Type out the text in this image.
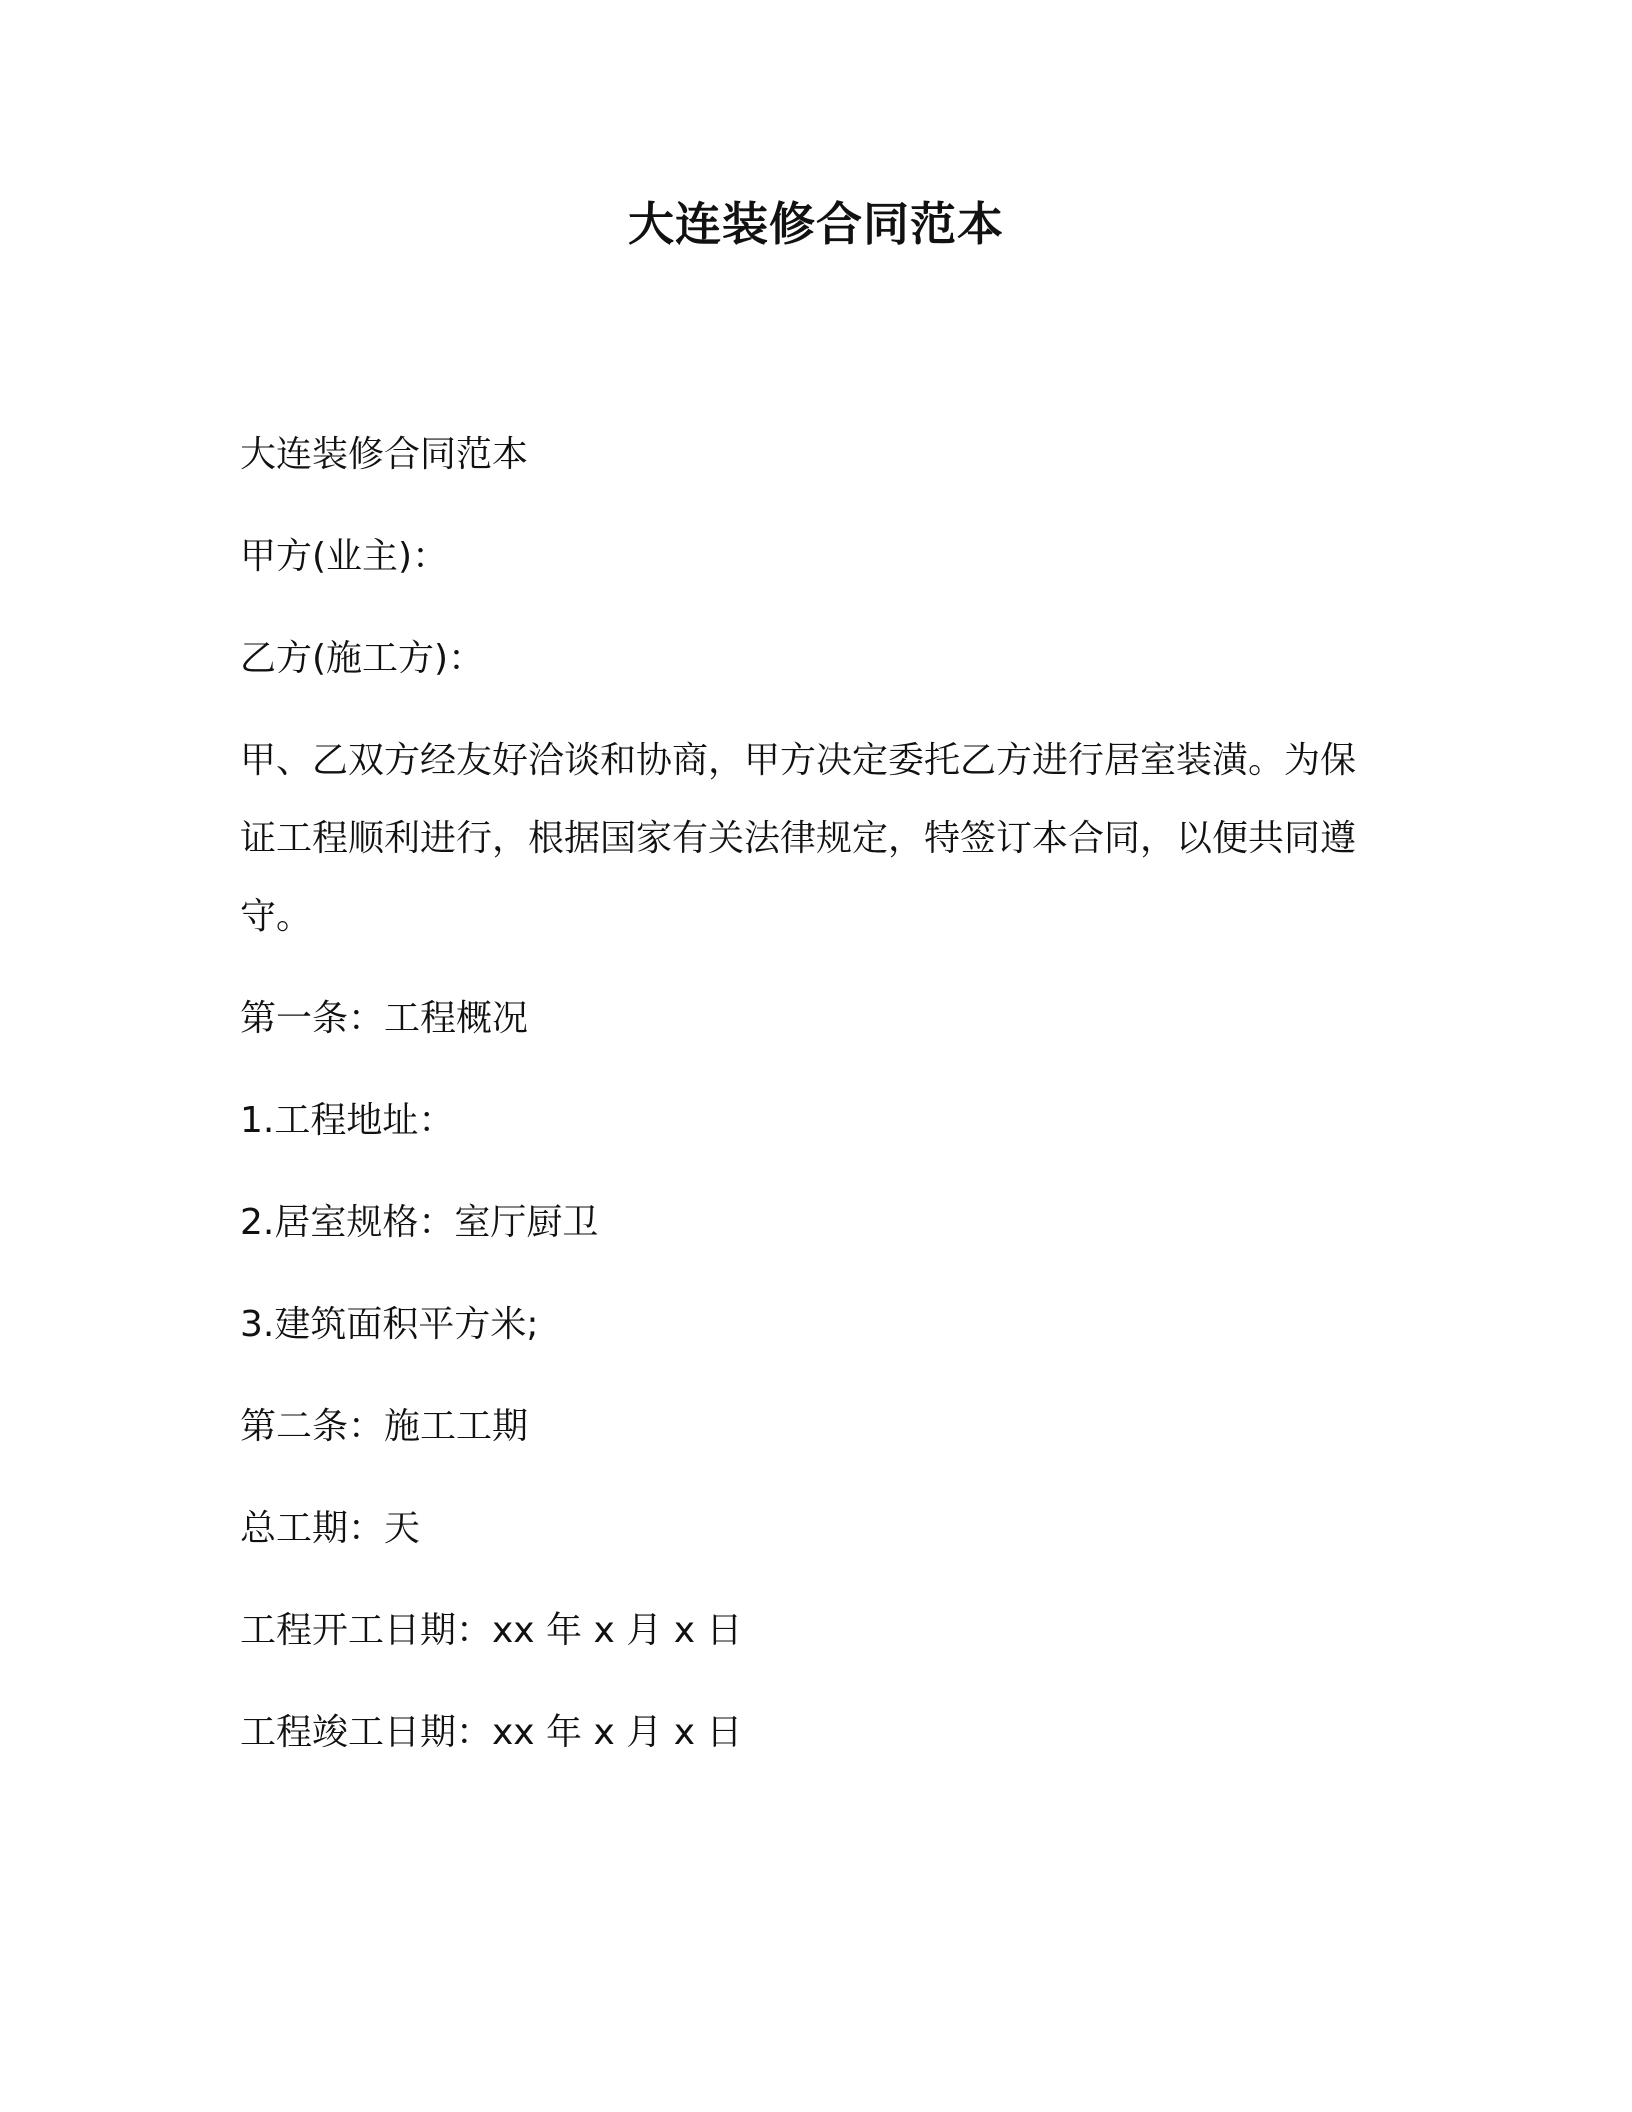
大连装修合同范本
大连装修合同范本
甲方(业主)：
乙方(施工方)：
甲、乙双方经友好洽谈和协商，甲方决定委托乙方进行居室装潢。为保证工程顺利进行，根据国家有关法律规定，特签订本合同，以便共同遵守。
第一条：工程概况
1.工程地址：
2.居室规格：室厅厨卫
3.建筑面积平方米;
第二条：施工工期
总工期：天
工程开工日期：xx 年 x 月 x 日
工程竣工日期：xx 年 x 月 x 日
